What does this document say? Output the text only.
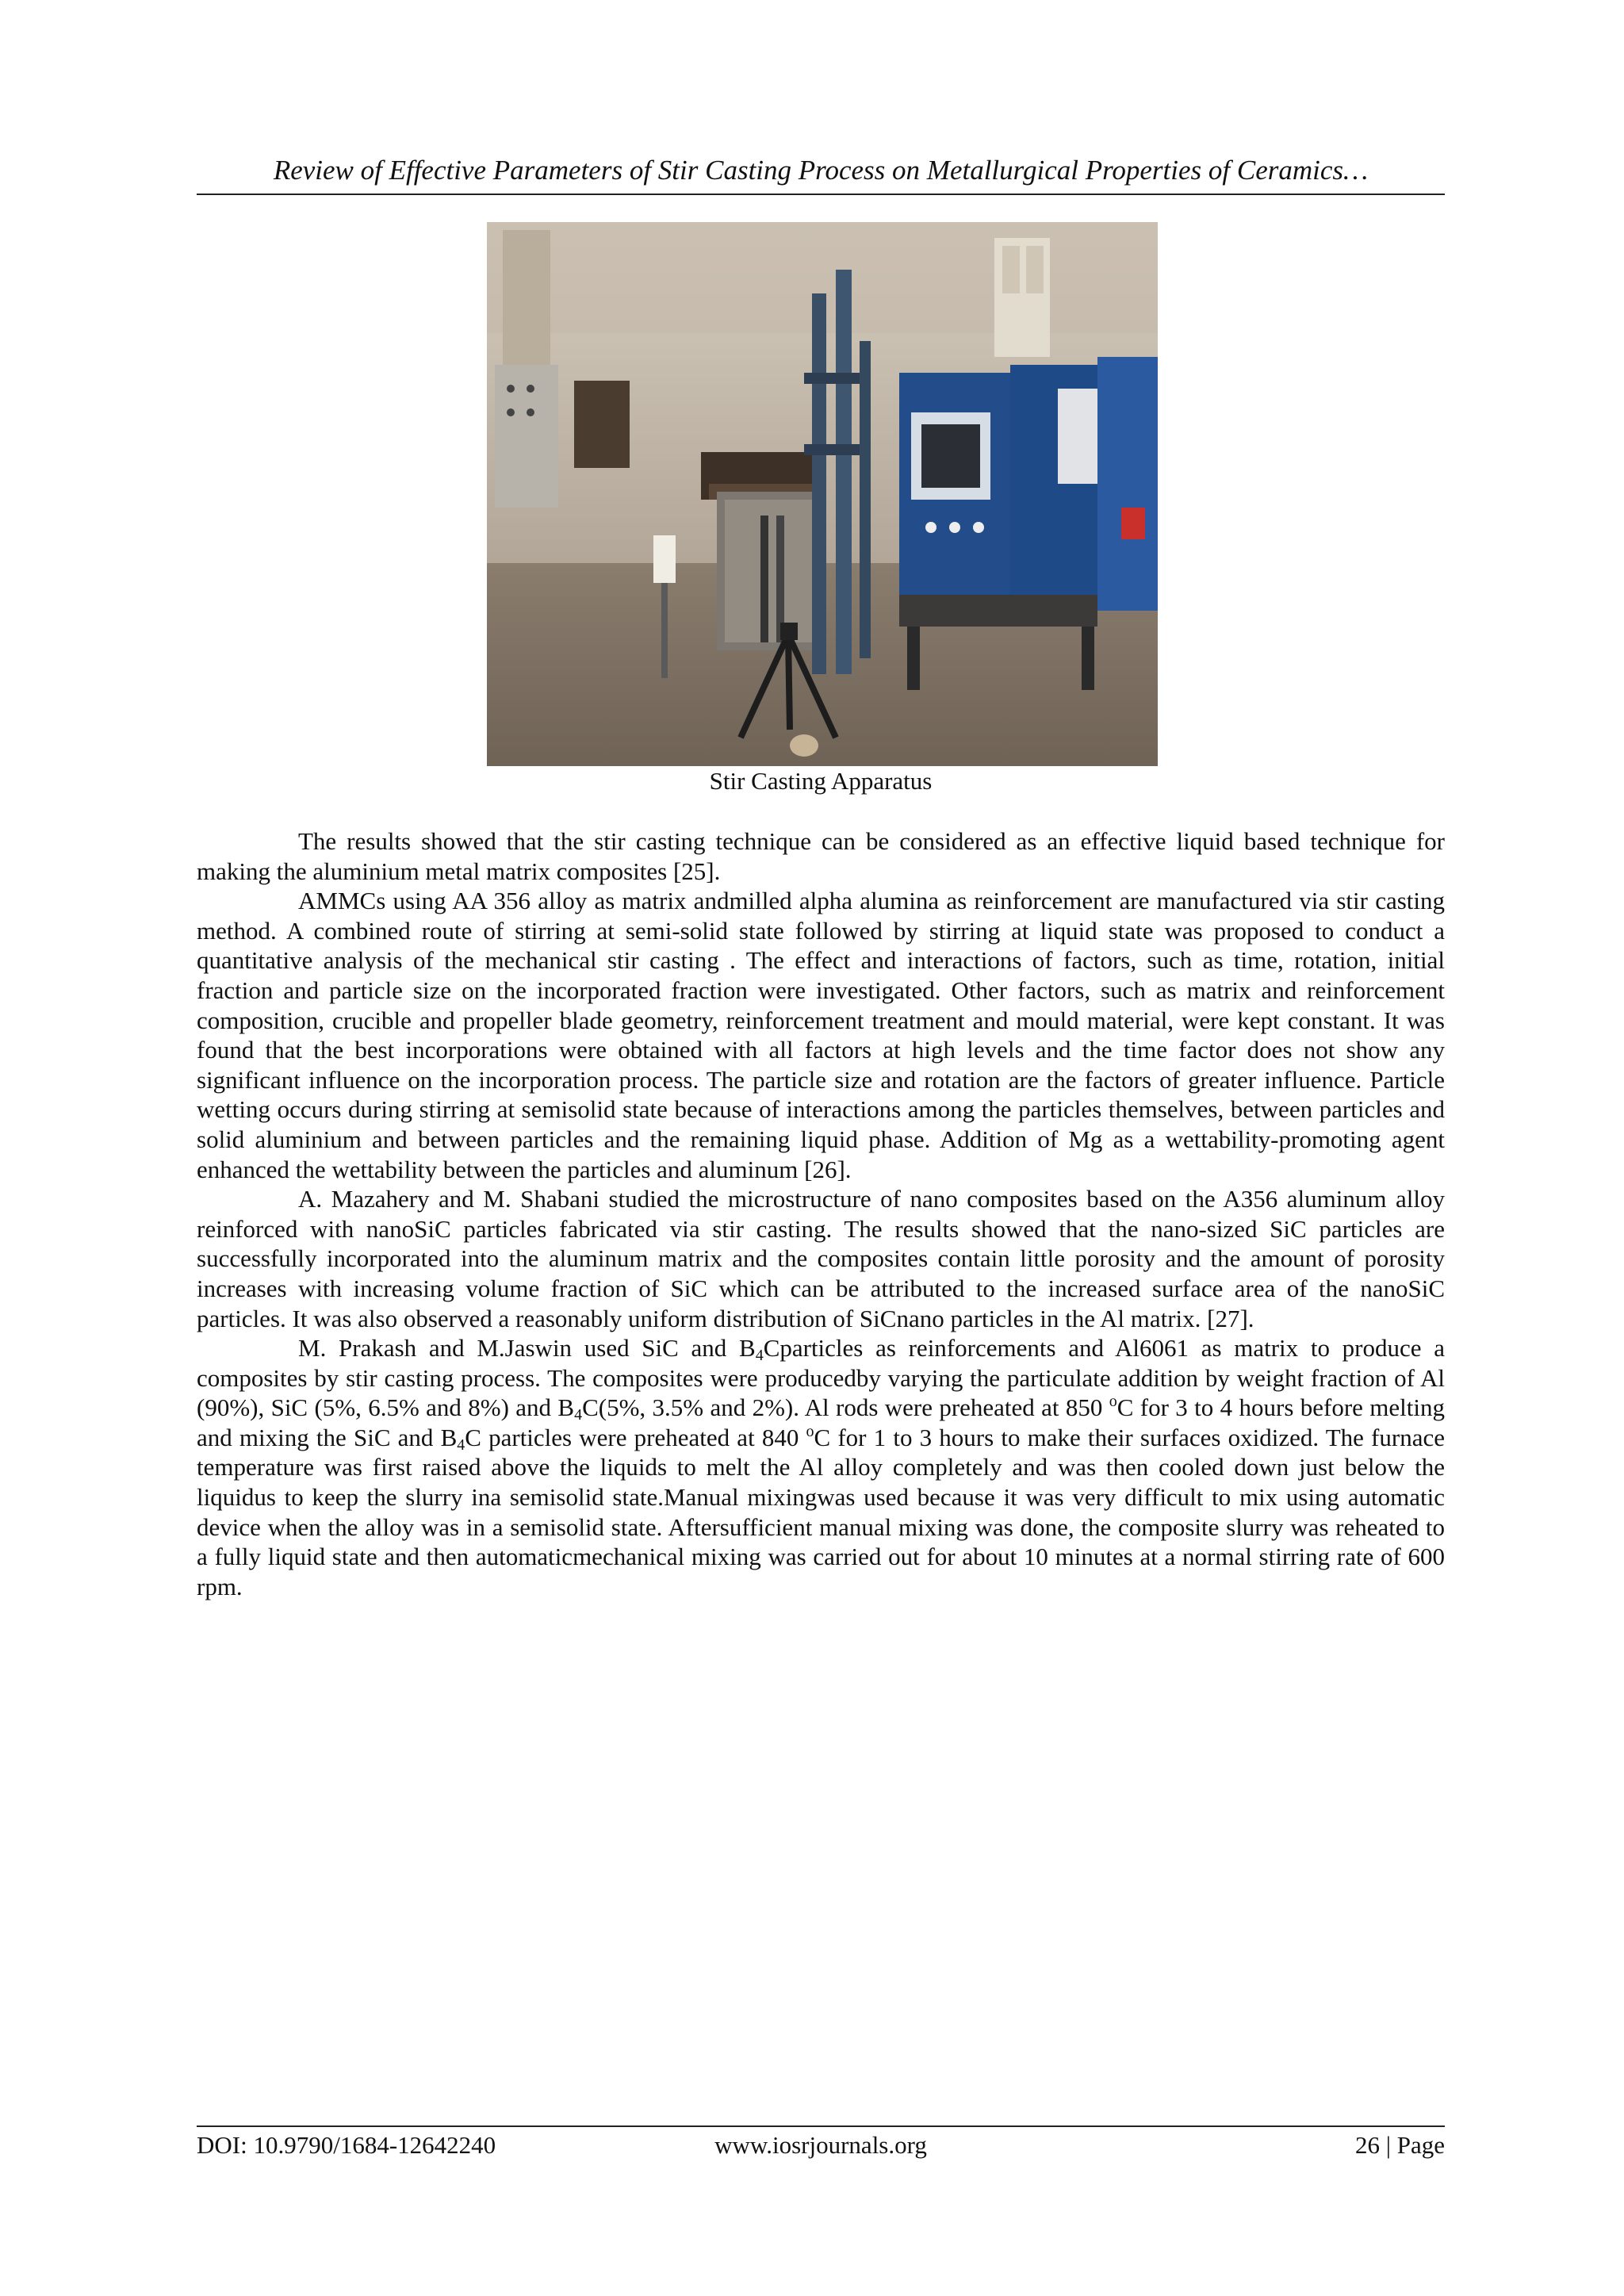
Review of Effective Parameters of Stir Casting Process on Metallurgical Properties of Ceramics…
Stir Casting Apparatus

The results showed that the stir casting technique can be considered as an effective liquid based technique for making the aluminium metal matrix composites [25].

AMMCs using AA 356 alloy as matrix andmilled alpha alumina as reinforcement are manufactured via stir casting method. A combined route of stirring at semi-solid state followed by stirring at liquid state was proposed to conduct a quantitative analysis of the mechanical stir casting . The effect and interactions of factors, such as time, rotation, initial fraction and particle size on the incorporated fraction were investigated. Other factors, such as matrix and reinforcement composition, crucible and propeller blade geometry, reinforcement treatment and mould material, were kept constant. It was found that the best incorporations were obtained with all factors at high levels and the time factor does not show any significant influence on the incorporation process. The particle size and rotation are the factors of greater influence. Particle wetting occurs during stirring at semisolid state because of interactions among the particles themselves, between particles and solid aluminium and between particles and the remaining liquid phase. Addition of Mg as a wettability-promoting agent enhanced the wettability between the particles and aluminum [26].

A. Mazahery and M. Shabani studied the microstructure of nano composites based on the A356 aluminum alloy reinforced with nanoSiC particles fabricated via stir casting. The results showed that the nano-sized SiC particles are successfully incorporated into the aluminum matrix and the composites contain little porosity and the amount of porosity increases with increasing volume fraction of SiC which can be attributed to the increased surface area of the nanoSiC particles. It was also observed a reasonably uniform distribution of SiCnano particles in the Al matrix. [27].

M. Prakash and M.Jaswin used SiC and $B_4Cparticles$ as reinforcements and Al6061 as matrix to produce a composites by stir casting process. The composites were producedby varying the particulate addition by weight fraction of Al (90%), SiC (5%, 6.5% and 8%) and $B_4C(5\%$, 3.5% and 2%). Al rods were preheated at 850 $^o$C for 3 to 4 hours before melting and mixing the SiC and $B_4C$ particles were preheated at 840 $^o$C for 1 to 3 hours to make their surfaces oxidized. The furnace temperature was first raised above the liquids to melt the Al alloy completely and was then cooled down just below the liquidus to keep the slurry ina semisolid state.Manual mixingwas used because it was very difficult to mix using automatic device when the alloy was in a semisolid state. Aftersufficient manual mixing was done, the composite slurry was reheated to a fully liquid state and then automaticmechanical mixing was carried out for about 10 minutes at a normal stirring rate of 600 rpm.

DOI: 10.9790/1684-12642240	www.iosrjournals.org	26 | Page
